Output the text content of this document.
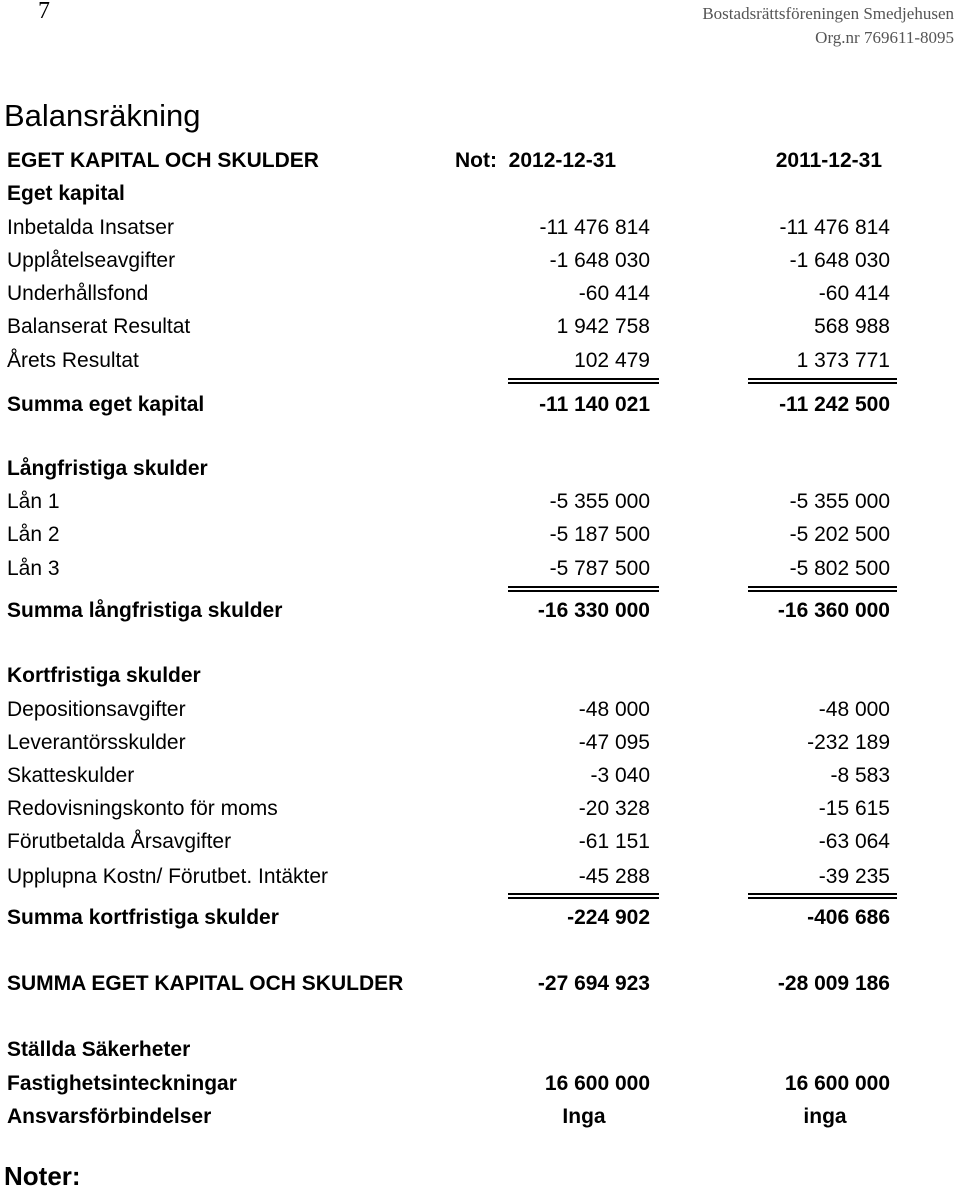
7	Bostadsrättsföreningen Smedjehusen
Org.nr 769611-8095
Balansräkning
EGET KAPITAL OCH SKULDER	Not: 2012-12-31	2011-12-31
Eget kapital
Inbetalda Insatser	-11 476 814	-11 476 814
Upplåtelseavgifter	-1 648 030	-1 648 030
Underhållsfond	-60 414	-60 414
Balanserat Resultat	1 942 758	568 988
Årets Resultat	102 479	1 373 771
Summa eget kapital	-11 140 021	-11 242 500
Långfristiga skulder
Lån 1	-5 355 000	-5 355 000
Lån 2	-5 187 500	-5 202 500
Lån 3	-5 787 500	-5 802 500
Summa långfristiga skulder	-16 330 000	-16 360 000
Kortfristiga skulder
Depositionsavgifter	-48 000	-48 000
Leverantörsskulder	-47 095	-232 189
Skatteskulder	-3 040	-8 583
Redovisningskonto för moms	-20 328	-15 615
Förutbetalda Årsavgifter	-61 151	-63 064
Upplupna Kostn/ Förutbet. Intäkter	-45 288	-39 235
Summa kortfristiga skulder	-224 902	-406 686
SUMMA EGET KAPITAL OCH SKULDER	-27 694 923	-28 009 186
Ställda Säkerheter
Fastighetsinteckningar	16 600 000	16 600 000
Ansvarsförbindelser	Inga	inga
Noter:
